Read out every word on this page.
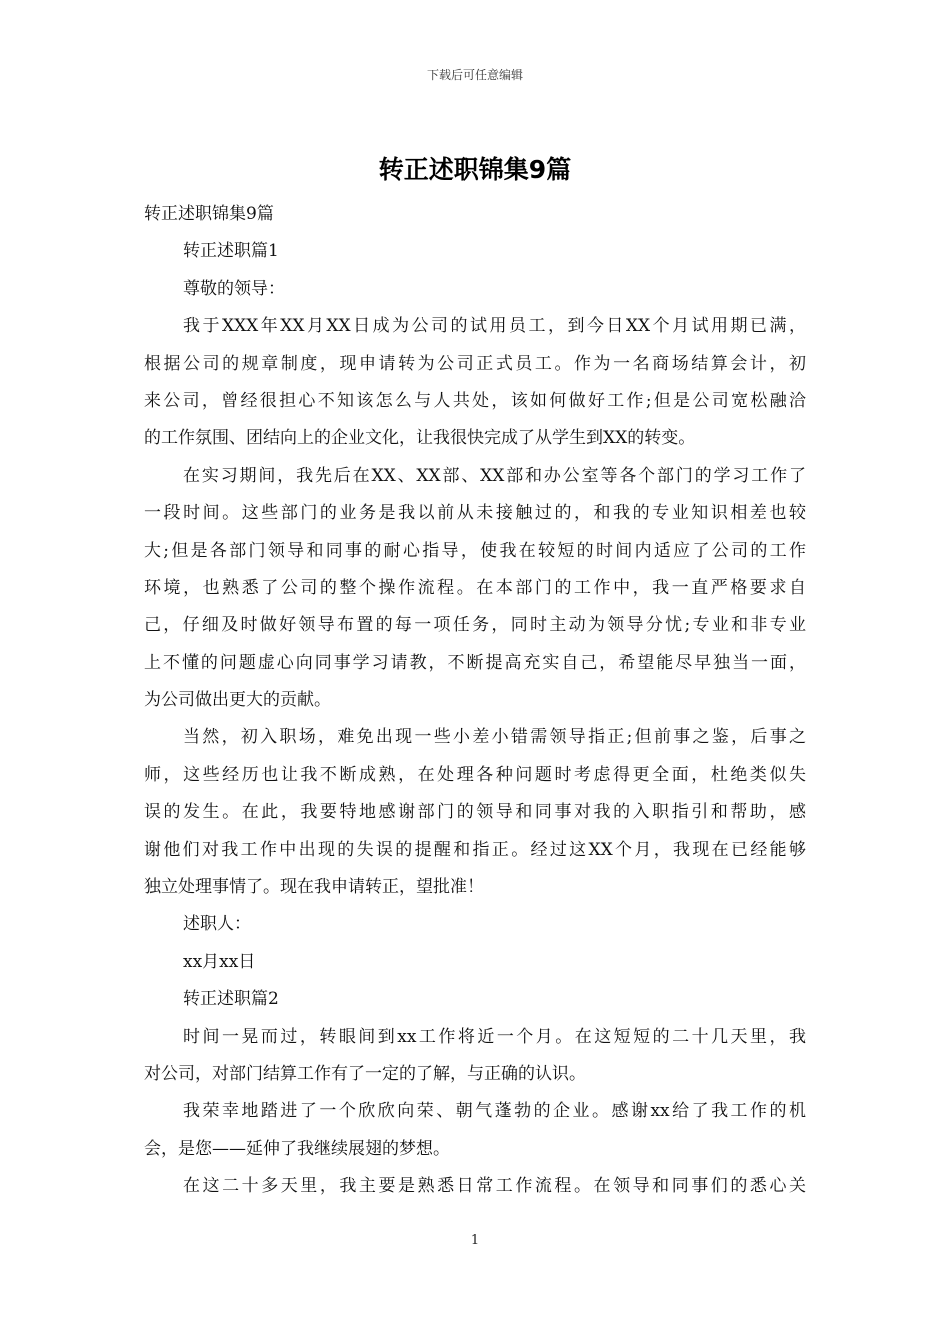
下载后可任意编辑
转正述职锦集9篇
转正述职锦集9篇
转正述职篇1
尊敬的领导：
我于XXX年XX月XX日成为公司的试用员工，到今日XX个月试用期已满，
根据公司的规章制度，现申请转为公司正式员工。作为一名商场结算会计，初
来公司，曾经很担心不知该怎么与人共处，该如何做好工作;但是公司宽松融洽
的工作氛围、团结向上的企业文化，让我很快完成了从学生到XX的转变。
在实习期间，我先后在XX、XX部、XX部和办公室等各个部门的学习工作了
一段时间。这些部门的业务是我以前从未接触过的，和我的专业知识相差也较
大;但是各部门领导和同事的耐心指导，使我在较短的时间内适应了公司的工作
环境，也熟悉了公司的整个操作流程。在本部门的工作中，我一直严格要求自
己，仔细及时做好领导布置的每一项任务，同时主动为领导分忧;专业和非专业
上不懂的问题虚心向同事学习请教，不断提高充实自己，希望能尽早独当一面，
为公司做出更大的贡献。
当然，初入职场，难免出现一些小差小错需领导指正;但前事之鉴，后事之
师，这些经历也让我不断成熟，在处理各种问题时考虑得更全面，杜绝类似失
误的发生。在此，我要特地感谢部门的领导和同事对我的入职指引和帮助，感
谢他们对我工作中出现的失误的提醒和指正。经过这XX个月，我现在已经能够
独立处理事情了。现在我申请转正，望批准！
述职人：
xx月xx日
转正述职篇2
时间一晃而过，转眼间到xx工作将近一个月。在这短短的二十几天里，我
对公司，对部门结算工作有了一定的了解，与正确的认识。
我荣幸地踏进了一个欣欣向荣、朝气蓬勃的企业。感谢xx给了我工作的机
会，是您——延伸了我继续展翅的梦想。
在这二十多天里，我主要是熟悉日常工作流程。在领导和同事们的悉心关
1
